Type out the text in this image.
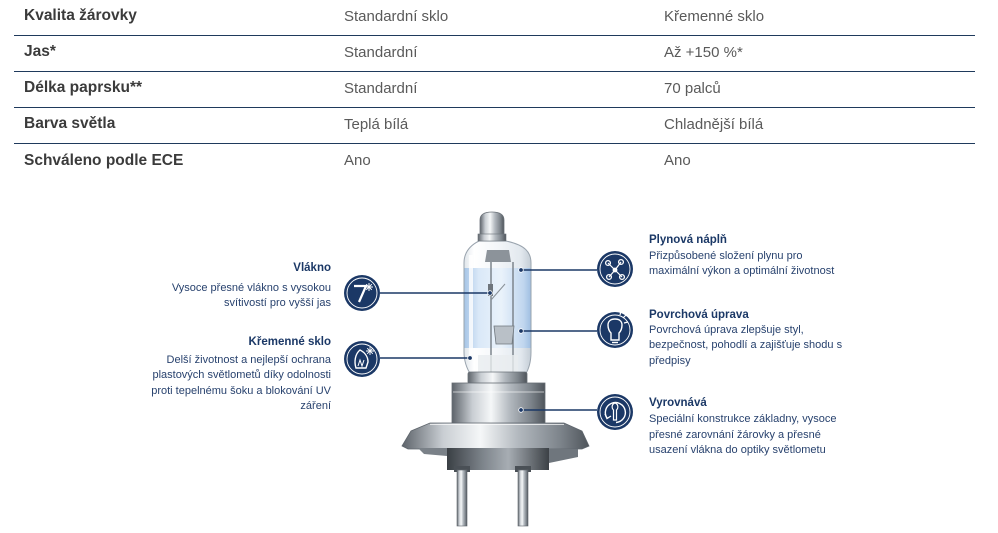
Kvalita žárovky	Standardní sklo	Křemenné sklo
Jas*	Standardní	Až +150 %*
Délka paprsku**	Standardní	70 palců
Barva světla	Teplá bílá	Chladnější bílá
Schváleno podle ECE	Ano	Ano
Vlákno
Vysoce přesné vlákno s vysokou
svítivostí pro vyšší jas
Křemenné sklo
Delší životnost a nejlepší ochrana
plastových světlometů díky odolnosti
proti tepelnému šoku a blokování UV
záření
Plynová náplň
Přizpůsobené složení plynu pro
maximální výkon a optimální životnost
Povrchová úprava
Povrchová úprava zlepšuje styl,
bezpečnost, pohodlí a zajišťuje shodu s
předpisy
Vyrovnává
Speciální konstrukce základny, vysoce
přesné zarovnání žárovky a přesné
usazení vlákna do optiky světlometu
